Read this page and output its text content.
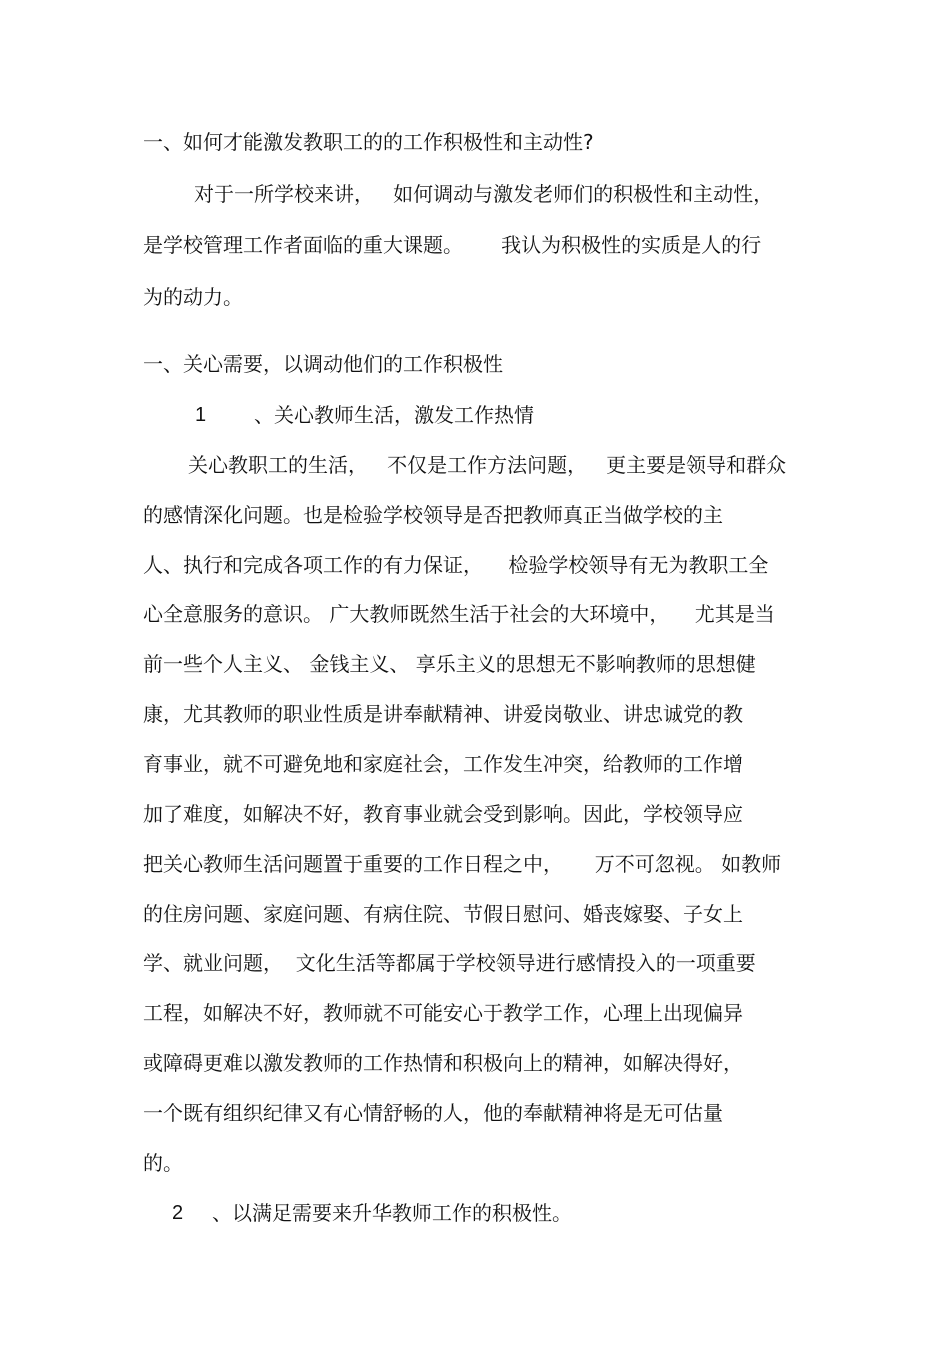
一、如何才能激发教职工的的工作积极性和主动性?

对于一所学校来讲，   如何调动与激发老师们的积极性和主动性，

是学校管理工作者面临的重大课题。      我认为积极性的实质是人的行

为的动力。

一、关心需要，以调动他们的工作积极性

1 、关心教师生活，激发工作热情

关心教职工的生活，   不仅是工作方法问题，   更主要是领导和群众

的感情深化问题。也是检验学校领导是否把教师真正当做学校的主

人、执行和完成各项工作的有力保证，    检验学校领导有无为教职工全

心全意服务的意识。 广大教师既然生活于社会的大环境中，    尤其是当

前一些个人主义、 金钱主义、 享乐主义的思想无不影响教师的思想健

康，尤其教师的职业性质是讲奉献精神、讲爱岗敬业、讲忠诚党的教

育事业，就不可避免地和家庭社会，工作发生冲突，给教师的工作增

加了难度，如解决不好，教育事业就会受到影响。因此，学校领导应

把关心教师生活问题置于重要的工作日程之中，     万不可忽视。 如教师

的住房问题、家庭问题、有病住院、节假日慰问、婚丧嫁娶、子女上

学、就业问题，  文化生活等都属于学校领导进行感情投入的一项重要

工程，如解决不好，教师就不可能安心于教学工作，心理上出现偏异

或障碍更难以激发教师的工作热情和积极向上的精神，如解决得好，

一个既有组织纪律又有心情舒畅的人，他的奉献精神将是无可估量

的。

2 、以满足需要来升华教师工作的积极性。
